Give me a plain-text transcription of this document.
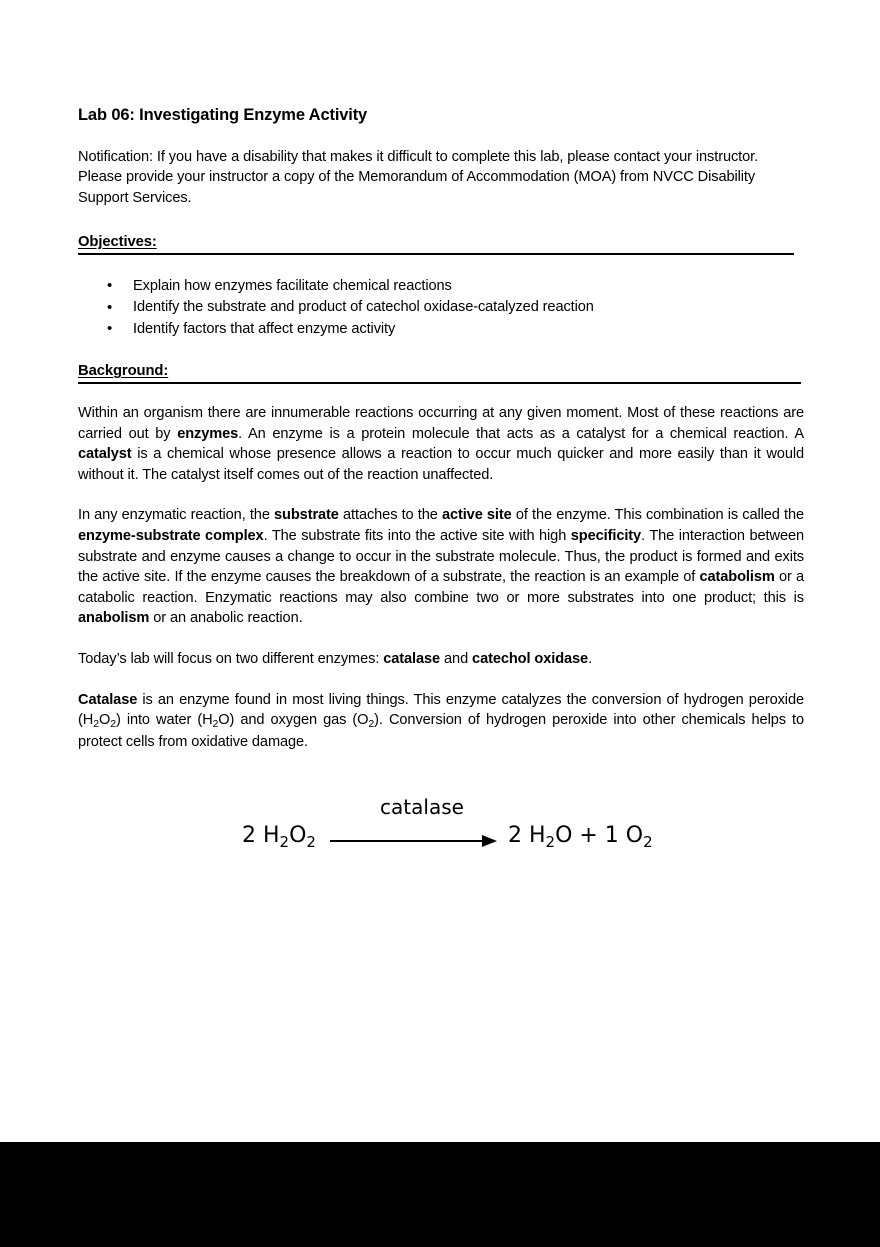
Lab 06: Investigating Enzyme Activity

Notification: If you have a disability that makes it difficult to complete this lab, please contact your instructor. Please provide your instructor a copy of the Memorandum of Accommodation (MOA) from NVCC Disability Support Services.

Objectives:
• Explain how enzymes facilitate chemical reactions
• Identify the substrate and product of catechol oxidase-catalyzed reaction
• Identify factors that affect enzyme activity
Background:

Within an organism there are innumerable reactions occurring at any given moment. Most of these reactions are carried out by enzymes. An enzyme is a protein molecule that acts as a catalyst for a chemical reaction. A catalyst is a chemical whose presence allows a reaction to occur much quicker and more easily than it would without it. The catalyst itself comes out of the reaction unaffected.

In any enzymatic reaction, the substrate attaches to the active site of the enzyme. This combination is called the enzyme-substrate complex. The substrate fits into the active site with high specificity. The interaction between substrate and enzyme causes a change to occur in the substrate molecule. Thus, the product is formed and exits the active site. If the enzyme causes the breakdown of a substrate, the reaction is an example of catabolism or a catabolic reaction. Enzymatic reactions may also combine two or more substrates into one product; this is anabolism or an anabolic reaction.

Today’s lab will focus on two different enzymes: catalase and catechol oxidase.

Catalase is an enzyme found in most living things. This enzyme catalyzes the conversion of hydrogen peroxide $(H_2O_2)$ into water $(H_2O)$ and oxygen gas $(O_2)$. Conversion of hydrogen peroxide into other chemicals helps to protect cells from oxidative damage.

catalase
2 $H_2O_2$	2 $H_2O + 1$ $O_2$
